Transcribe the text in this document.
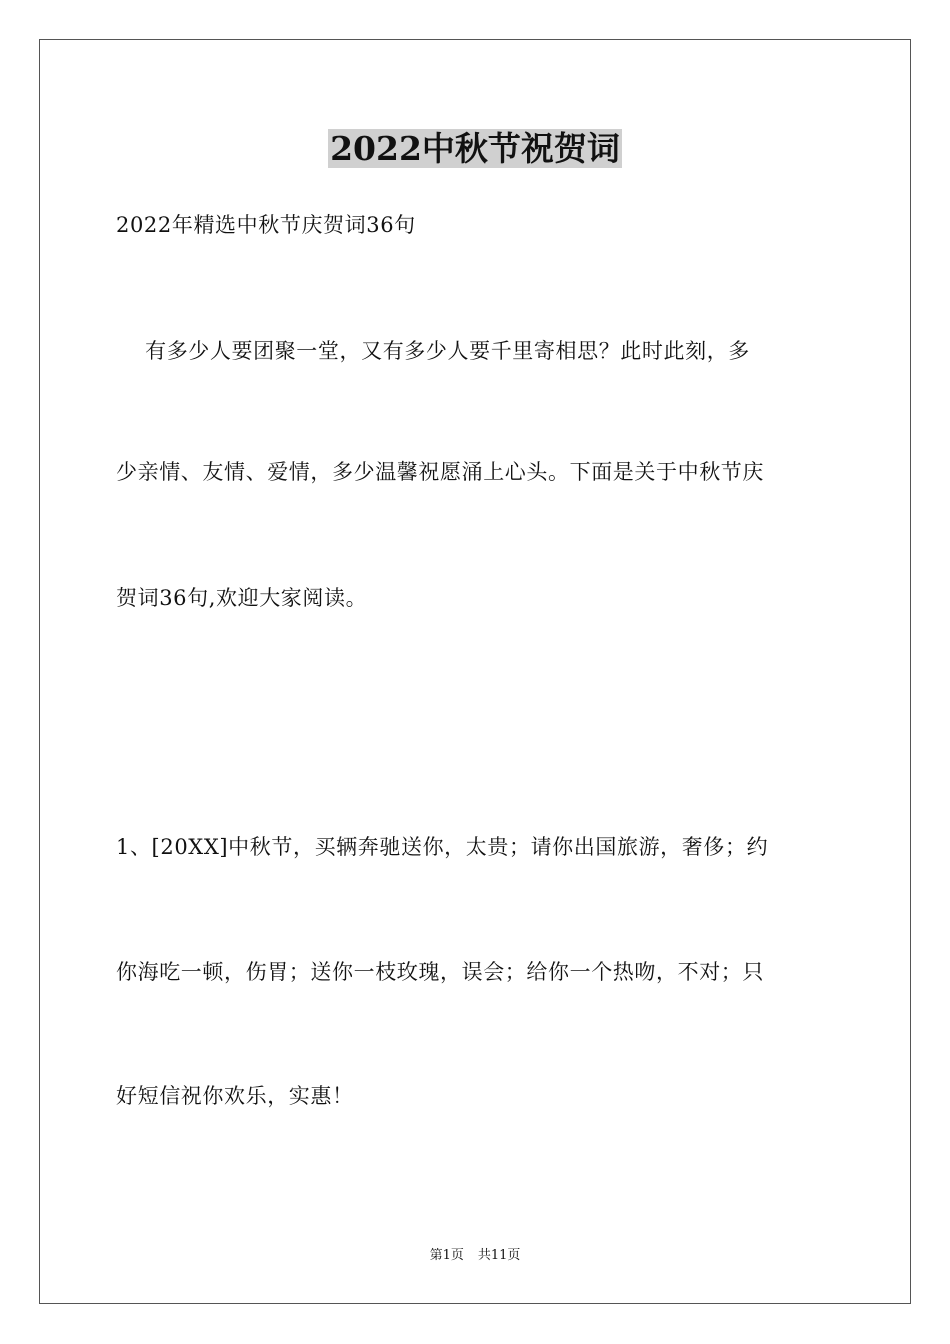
2022中秋节祝贺词
2022年精选中秋节庆贺词36句
有多少人要团聚一堂，又有多少人要千里寄相思？此时此刻，多
少亲情、友情、爱情，多少温馨祝愿涌上心头。下面是关于中秋节庆
贺词36句,欢迎大家阅读。
1、[20XX]中秋节，买辆奔驰送你，太贵；请你出国旅游，奢侈；约
你海吃一顿，伤胃；送你一枝玫瑰，误会；给你一个热吻，不对；只
好短信祝你欢乐，实惠！
第1页 共11页
